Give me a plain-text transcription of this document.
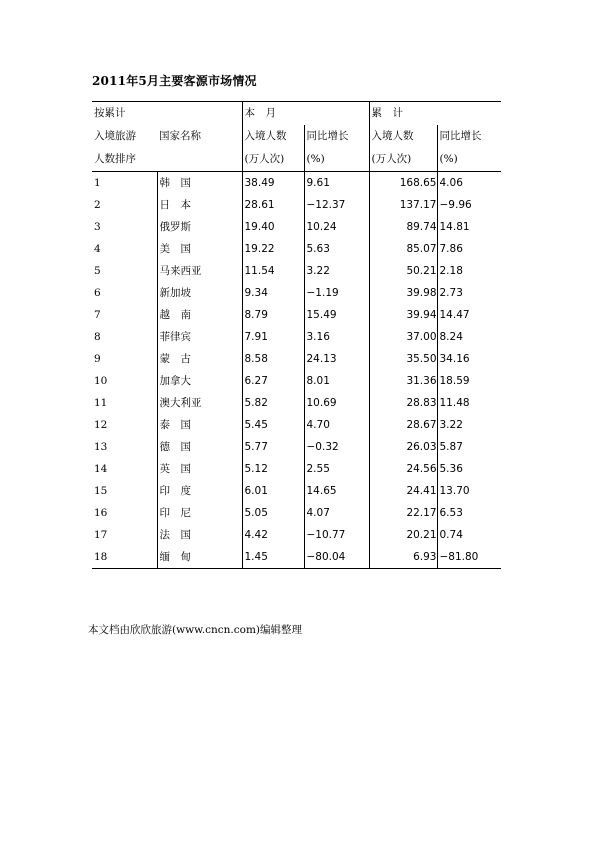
2011年5月主要客源市场情况
按累计		本　月		累　计	
入境旅游	国家名称	入境人数	同比增长	入境人数	同比增长
人数排序		(万人次)	(%)	(万人次)	(%)
1	韩　国	38.49	9.61	168.65	4.06
2	日　本	28.61	−12.37	137.17	−9.96
3	俄罗斯	19.40	10.24	89.74	14.81
4	美　国	19.22	5.63	85.07	7.86
5	马来西亚	11.54	3.22	50.21	2.18
6	新加坡	9.34	−1.19	39.98	2.73
7	越　南	8.79	15.49	39.94	14.47
8	菲律宾	7.91	3.16	37.00	8.24
9	蒙　古	8.58	24.13	35.50	34.16
10	加拿大	6.27	8.01	31.36	18.59
11	澳大利亚	5.82	10.69	28.83	11.48
12	泰　国	5.45	4.70	28.67	3.22
13	德　国	5.77	−0.32	26.03	5.87
14	英　国	5.12	2.55	24.56	5.36
15	印　度	6.01	14.65	24.41	13.70
16	印　尼	5.05	4.07	22.17	6.53
17	法　国	4.42	−10.77	20.21	0.74
18	缅　甸	1.45	−80.04	6.93	−81.80
本文档由欣欣旅游(www.cncn.com)编辑整理
